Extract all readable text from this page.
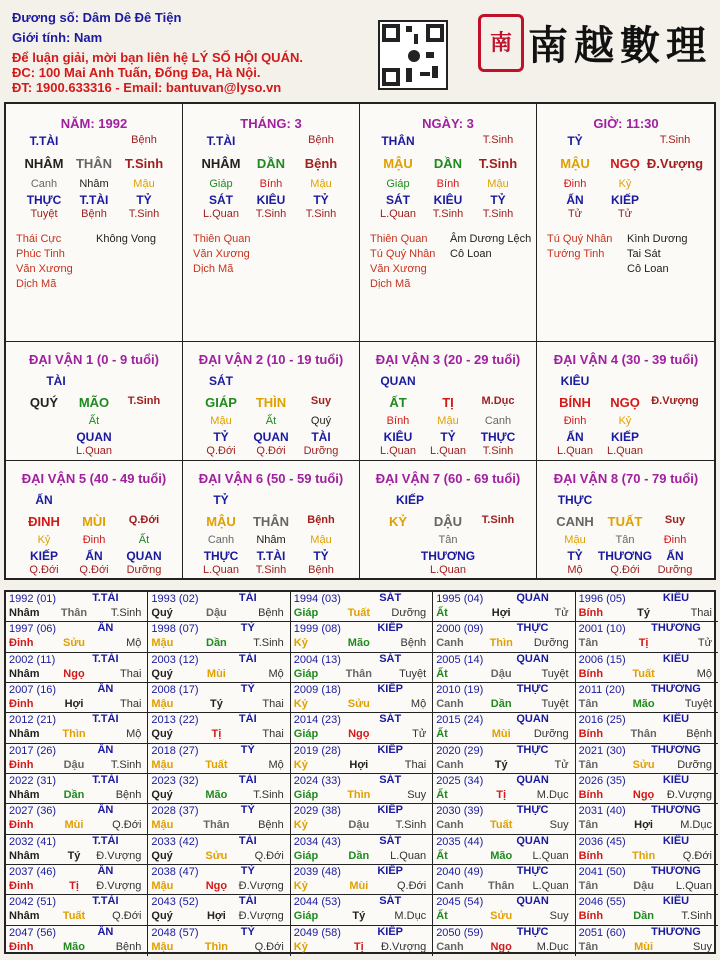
Đương số: Dâm Dê Đê Tiện
Giới tính: Nam
Để luận giải, mời bạn liên hệ LÝ SỐ HỘI QUÁN.
ĐC: 100 Mai Anh Tuấn, Đống Đa, Hà Nội.
ĐT: 1900.633316 - Email: bantuvan@lyso.vn
南 南越數理
NĂM: 1992
T.TÀI	Bệnh
NHÂM THÂN T.Sinh
Canh	Nhâm	Mậu
THỰC	T.TÀI	TỶ
Tuyệt	Bệnh	T.Sinh
Thái Cực
Phúc Tinh
Văn Xương
Dịch Mã
Không Vong
THÁNG: 3
T.TÀI	Bệnh
NHÂM	DẦN	Bệnh
Giáp	Bính	Mậu
SÁT	KIÊU	TỶ
L.Quan	T.Sinh	T.Sinh
Thiên Quan
Văn Xương
Dịch Mã
NGÀY: 3
THÂN	T.Sinh
MẬU	DẦN	T.Sinh
Giáp	Bính	Mậu
SÁT	KIÊU	TỶ
L.Quan	T.Sinh	T.Sinh
Thiên Quan
Tú Quý Nhân
Văn Xương
Dịch Mã
Âm Dương Lệch
Cô Loan
GIỜ: 11:30
TỶ	T.Sinh
MẬU	NGỌ Đ.Vượng
Đinh	Kỷ
ẤN	KIẾP
Tử	Tử
Tú Quý Nhân
Tướng Tinh
Kình Dương
Tai Sát
Cô Loan
ĐẠI VẬN 1 (0 - 9 tuổi)
TÀI
QUÝ	MÃO	T.Sinh
Ất
QUAN
L.Quan
ĐẠI VẬN 2 (10 - 19 tuổi)
SÁT
GIÁP	THÌN	Suy
Mậu	Ất	Quý
TỶ	QUAN	TÀI
Q.Đới	Q.Đới	Dưỡng
ĐẠI VẬN 3 (20 - 29 tuổi)
QUAN
ẤT	TỊ	M.Dục
Bính	Mậu	Canh
KIÊU	TỶ	THỰC
L.Quan	L.Quan	T.Sinh
ĐẠI VẬN 4 (30 - 39 tuổi)
KIÊU
BÍNH	NGỌ	Đ.Vượng
Đinh	Kỷ
ẤN	KIẾP
L.Quan	L.Quan
ĐẠI VẬN 5 (40 - 49 tuổi)
ẤN
ĐINH	MÙI	Q.Đới
Kỷ	Đinh	Ất
KIẾP	ẤN	QUAN
Q.Đới	Q.Đới	Dưỡng
ĐẠI VẬN 6 (50 - 59 tuổi)
TỶ
MẬU	THÂN	Bệnh
Canh	Nhâm	Mậu
THỰC	T.TÀI	TỶ
L.Quan	T.Sinh	Bệnh
ĐẠI VẬN 7 (60 - 69 tuổi)
KIẾP
KỶ	DẬU	T.Sinh
Tân
THƯƠNG
L.Quan
ĐẠI VẬN 8 (70 - 79 tuổi)
THỰC
CANH	TUẤT	Suy
Mậu	Tân	Đinh
TỶ	THƯƠNG	ẤN
Mộ	Q.Đới	Dưỡng
1992 (01)	T.TÀI
Nhâm	Thân	T.Sinh
1993 (02)	TÀI
Quý	Dậu	Bệnh
1994 (03)	SÁT
Giáp	Tuất	Dưỡng
1995 (04)	QUAN
Ất	Hợi	Tử
1996 (05)	KIÊU
Bính	Tý	Thai
1997 (06)	ẤN
Đinh	Sửu	Mộ
1998 (07)	TỶ
Mậu	Dần	T.Sinh
1999 (08)	KIẾP
Kỷ	Mão	Bệnh
2000 (09)	THỰC
Canh	Thìn	Dưỡng
2001 (10)	THƯƠNG
Tân	Tị	Tử
2002 (11)	T.TÀI
Nhâm	Ngọ	Thai
2003 (12)	TÀI
Quý	Mùi	Mộ
2004 (13)	SÁT
Giáp	Thân	Tuyệt
2005 (14)	QUAN
Ất	Dậu	Tuyệt
2006 (15)	KIÊU
Bính	Tuất	Mộ
2007 (16)	ẤN
Đinh	Hợi	Thai
2008 (17)	TỶ
Mậu	Tý	Thai
2009 (18)	KIẾP
Kỷ	Sửu	Mộ
2010 (19)	THỰC
Canh	Dần	Tuyệt
2011 (20)	THƯƠNG
Tân	Mão	Tuyệt
2012 (21)	T.TÀI
Nhâm	Thìn	Mộ
2013 (22)	TÀI
Quý	Tị	Thai
2014 (23)	SÁT
Giáp	Ngọ	Tử
2015 (24)	QUAN
Ất	Mùi	Dưỡng
2016 (25)	KIÊU
Bính	Thân	Bệnh
2017 (26)	ẤN
Đinh	Dậu	T.Sinh
2018 (27)	TỶ
Mậu	Tuất	Mộ
2019 (28)	KIẾP
Kỷ	Hợi	Thai
2020 (29)	THỰC
Canh	Tý	Tử
2021 (30)	THƯƠNG
Tân	Sửu	Dưỡng
2022 (31)	T.TÀI
Nhâm	Dần	Bệnh
2023 (32)	TÀI
Quý	Mão	T.Sinh
2024 (33)	SÁT
Giáp	Thìn	Suy
2025 (34)	QUAN
Ất	Tị	M.Dục
2026 (35)	KIÊU
Bính	Ngọ	Đ.Vượng
2027 (36)	ẤN
Đinh	Mùi	Q.Đới
2028 (37)	TỶ
Mậu	Thân	Bệnh
2029 (38)	KIẾP
Kỷ	Dậu	T.Sinh
2030 (39)	THỰC
Canh	Tuất	Suy
2031 (40)	THƯƠNG
Tân	Hợi	M.Dục
2032 (41)	T.TÀI
Nhâm	Tý	Đ.Vượng
2033 (42)	TÀI
Quý	Sửu	Q.Đới
2034 (43)	SÁT
Giáp	Dần	L.Quan
2035 (44)	QUAN
Ất	Mão	L.Quan
2036 (45)	KIÊU
Bính	Thìn	Q.Đới
2037 (46)	ẤN
Đinh	Tị	Đ.Vượng
2038 (47)	TỶ
Mậu	Ngọ	Đ.Vượng
2039 (48)	KIẾP
Kỷ	Mùi	Q.Đới
2040 (49)	THỰC
Canh	Thân	L.Quan
2041 (50)	THƯƠNG
Tân	Dậu	L.Quan
2042 (51)	T.TÀI
Nhâm	Tuất	Q.Đới
2043 (52)	TÀI
Quý	Hợi	Đ.Vượng
2044 (53)	SÁT
Giáp	Tý	M.Dục
2045 (54)	QUAN
Ất	Sửu	Suy
2046 (55)	KIÊU
Bính	Dần	T.Sinh
2047 (56)	ẤN
Đinh	Mão	Bệnh
2048 (57)	TỶ
Mậu	Thìn	Q.Đới
2049 (58)	KIẾP
Kỷ	Tị	Đ.Vượng
2050 (59)	THỰC
Canh	Ngọ	M.Dục
2051 (60)	THƯƠNG
Tân	Mùi	Suy
